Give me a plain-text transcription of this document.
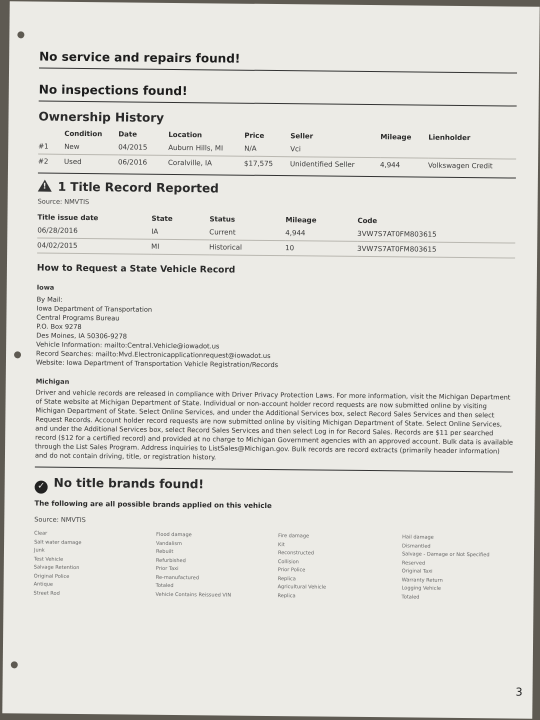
No service and repairs found!
No inspections found!
Ownership History
	Condition	Date	Location	Price	Seller	Mileage	Lienholder
#1	New	04/2015	Auburn Hills, MI	N/A	Vci		
#2	Used	06/2016	Coralville, IA	$17,575	Unidentified Seller	4,944	Volkswagen Credit
! 1 Title Record Reported
Source: NMVTIS
Title issue date	State	Status	Mileage	Code
06/28/2016	IA	Current	4,944	3VW7S7AT0FM803615
04/02/2015	MI	Historical	10	3VW7S7AT0FM803615
How to Request a State Vehicle Record
Iowa
By Mail:
Iowa Department of Transportation
Central Programs Bureau
P.O. Box 9278
Des Moines, IA 50306-9278
Vehicle Information: mailto:Central.Vehicle@iowadot.us
Record Searches: mailto:Mvd.Electronicapplicationrequest@iowadot.us
Website: Iowa Department of Transportation Vehicle Registration/Records
Michigan
Driver and vehicle records are released in compliance with Driver Privacy Protection Laws. For more information, visit the Michigan Department of State website at Michigan Department of State. Individual or non-account holder record requests are now submitted online by visiting Michigan Department of State. Select Online Services, and under the Additional Services box, select Record Sales Services and then select Request Records. Account holder record requests are now submitted online by visiting Michigan Department of State. Select Online Services, and under the Additional Services box, select Record Sales Services and then select Log in for Record Sales. Records are $11 per searched record ($12 for a certified record) and provided at no charge to Michigan Government agencies with an approved account. Bulk data is available through the List Sales Program. Address inquiries to ListSales@Michigan.gov. Bulk records are record extracts (primarily header information) and do not contain driving, title, or registration history.
✓ No title brands found!
The following are all possible brands applied on this vehicle
Source: NMVTIS
Clear
Salt water damage
Junk
Test Vehicle
Salvage Retention
Original Police
Antique
Street Rod
Flood damage
Vandalism
Rebuilt
Refurbished
Prior Taxi
Re-manufactured
Totaled
Vehicle Contains Reissued VIN
Fire damage
Kit
Reconstructed
Collision
Prior Police
Replica
Agricultural Vehicle
Replica
Hail damage
Dismantled
Salvage - Damage or Not Specified
Reserved
Original Taxi
Warranty Return
Logging Vehicle
Totaled
3
